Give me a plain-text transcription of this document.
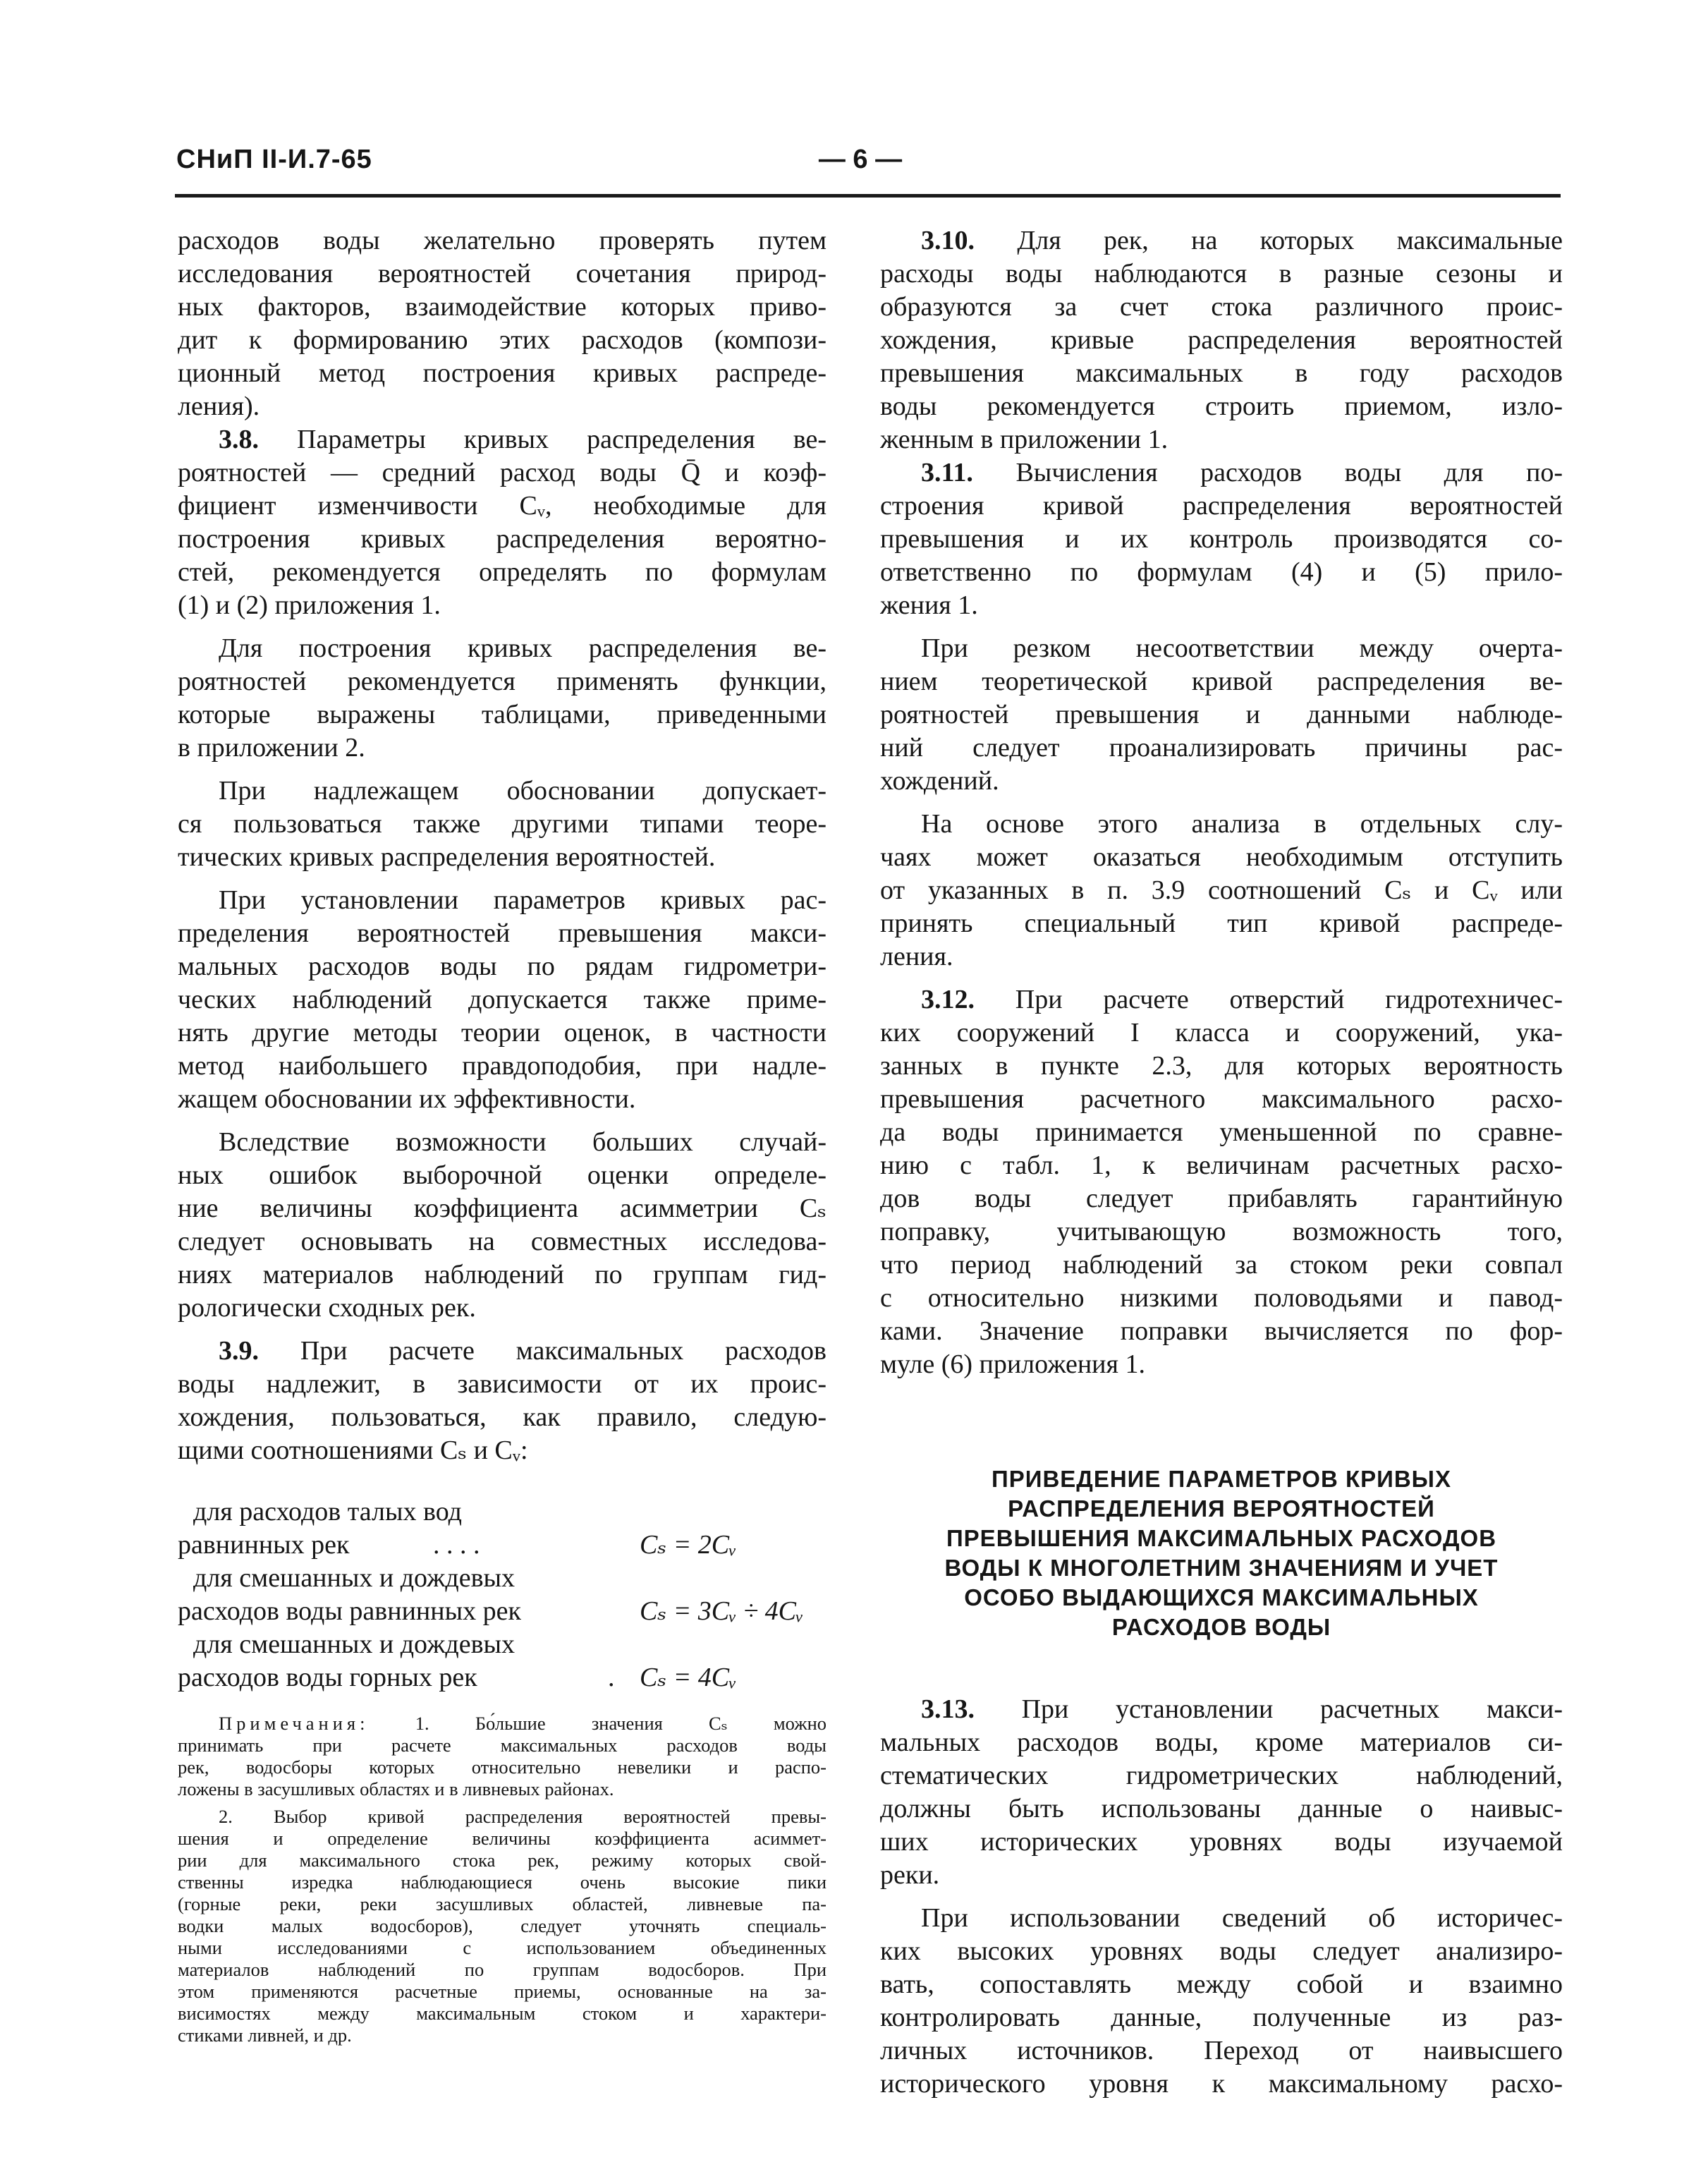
СНиП II-И.7-65	— 6 —
расходов воды желательно проверять путем
исследования вероятностей сочетания природ-
ных факторов, взаимодействие которых приво-
дит к формированию этих расходов (компози-
ционный метод построения кривых распреде-
ления).
3.8. Параметры кривых распределения ве-
роятностей — средний расход воды Q̄ и коэф-
фициент изменчивости Cᵥ, необходимые для
построения кривых распределения вероятно-
стей, рекомендуется определять по формулам
(1) и (2) приложения 1.
Для построения кривых распределения ве-
роятностей рекомендуется применять функции,
которые выражены таблицами, приведенными
в приложении 2.
При надлежащем обосновании допускает-
ся пользоваться также другими типами теоре-
тических кривых распределения вероятностей.
При установлении параметров кривых рас-
пределения вероятностей превышения макси-
мальных расходов воды по рядам гидрометри-
ческих наблюдений допускается также приме-
нять другие методы теории оценок, в частности
метод наибольшего правдоподобия, при надле-
жащем обосновании их эффективности.
Вследствие возможности больших случай-
ных ошибок выборочной оценки определе-
ние величины коэффициента асимметрии Cₛ
следует основывать на совместных исследова-
ниях материалов наблюдений по группам гид-
рологически сходных рек.
3.9. При расчете максимальных расходов
воды надлежит, в зависимости от их проис-
хождения, пользоваться, как правило, следую-
щими соотношениями Cₛ и Cᵥ:
для расходов талых вод
равнинных рек	. . . .	Cₛ = 2Cᵥ
для смешанных и дождевых
расходов воды равнинных рек	Cₛ = 3Cᵥ ÷ 4Cᵥ
для смешанных и дождевых
расходов воды горных рек	. Cₛ = 4Cᵥ
Примечания: 1. Бо́льшие значения Cₛ можно
принимать при расчете максимальных расходов воды
рек, водосборы которых относительно невелики и распо-
ложены в засушливых областях и в ливневых районах.
2. Выбор кривой распределения вероятностей превы-
шения и определение величины коэффициента асиммет-
рии для максимального стока рек, режиму которых свой-
ственны изредка наблюдающиеся очень высокие пики
(горные реки, реки засушливых областей, ливневые па-
водки малых водосборов), следует уточнять специаль-
ными исследованиями с использованием объединенных
материалов наблюдений по группам водосборов. При
этом применяются расчетные приемы, основанные на за-
висимостях между максимальным стоком и характери-
стиками ливней, и др.
3.10. Для рек, на которых максимальные
расходы воды наблюдаются в разные сезоны и
образуются за счет стока различного проис-
хождения, кривые распределения вероятностей
превышения максимальных в году расходов
воды рекомендуется строить приемом, изло-
женным в приложении 1.
3.11. Вычисления расходов воды для по-
строения кривой распределения вероятностей
превышения и их контроль производятся со-
ответственно по формулам (4) и (5) прило-
жения 1.
При резком несоответствии между очерта-
нием теоретической кривой распределения ве-
роятностей превышения и данными наблюде-
ний следует проанализировать причины рас-
хождений.
На основе этого анализа в отдельных слу-
чаях может оказаться необходимым отступить
от указанных в п. 3.9 соотношений Cₛ и Cᵥ или
принять специальный тип кривой распреде-
ления.
3.12. При расчете отверстий гидротехничес-
ких сооружений I класса и сооружений, ука-
занных в пункте 2.3, для которых вероятность
превышения расчетного максимального расхо-
да воды принимается уменьшенной по сравне-
нию с табл. 1, к величинам расчетных расхо-
дов воды следует прибавлять гарантийную
поправку, учитывающую возможность того,
что период наблюдений за стоком реки совпал
с относительно низкими половодьями и павод-
ками. Значение поправки вычисляется по фор-
муле (6) приложения 1.
ПРИВЕДЕНИЕ ПАРАМЕТРОВ КРИВЫХ
РАСПРЕДЕЛЕНИЯ ВЕРОЯТНОСТЕЙ
ПРЕВЫШЕНИЯ МАКСИМАЛЬНЫХ РАСХОДОВ
ВОДЫ К МНОГОЛЕТНИМ ЗНАЧЕНИЯМ И УЧЕТ
ОСОБО ВЫДАЮЩИХСЯ МАКСИМАЛЬНЫХ
РАСХОДОВ ВОДЫ
3.13. При установлении расчетных макси-
мальных расходов воды, кроме материалов си-
стематических гидрометрических наблюдений,
должны быть использованы данные о наивыс-
ших исторических уровнях воды изучаемой
реки.
При использовании сведений об историчес-
ких высоких уровнях воды следует анализиро-
вать, сопоставлять между собой и взаимно
контролировать данные, полученные из раз-
личных источников. Переход от наивысшего
исторического уровня к максимальному расхо-
